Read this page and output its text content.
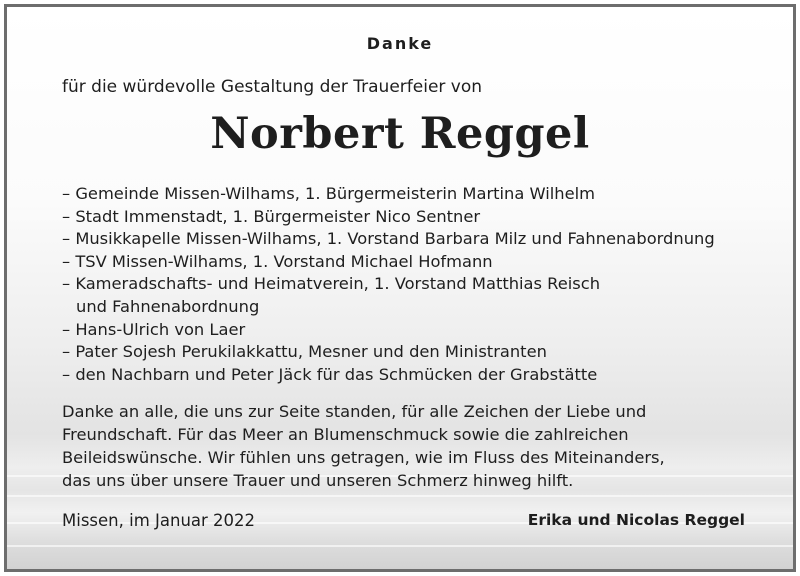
Danke
für die würdevolle Gestaltung der Trauerfeier von
Norbert Reggel
– Gemeinde Missen-Wilhams, 1. Bürgermeisterin Martina Wilhelm
– Stadt Immenstadt, 1. Bürgermeister Nico Sentner
– Musikkapelle Missen-Wilhams, 1. Vorstand Barbara Milz und Fahnenabordnung
– TSV Missen-Wilhams, 1. Vorstand Michael Hofmann
– Kameradschafts- und Heimatverein, 1. Vorstand Matthias Reisch
und Fahnenabordnung
– Hans-Ulrich von Laer
– Pater Sojesh Perukilakkattu, Mesner und den Ministranten
– den Nachbarn und Peter Jäck für das Schmücken der Grabstätte
Danke an alle, die uns zur Seite standen, für alle Zeichen der Liebe und
Freundschaft. Für das Meer an Blumenschmuck sowie die zahlreichen
Beileidswünsche. Wir fühlen uns getragen, wie im Fluss des Miteinanders,
das uns über unsere Trauer und unseren Schmerz hinweg hilft.
Missen, im Januar 2022	Erika und Nicolas Reggel
